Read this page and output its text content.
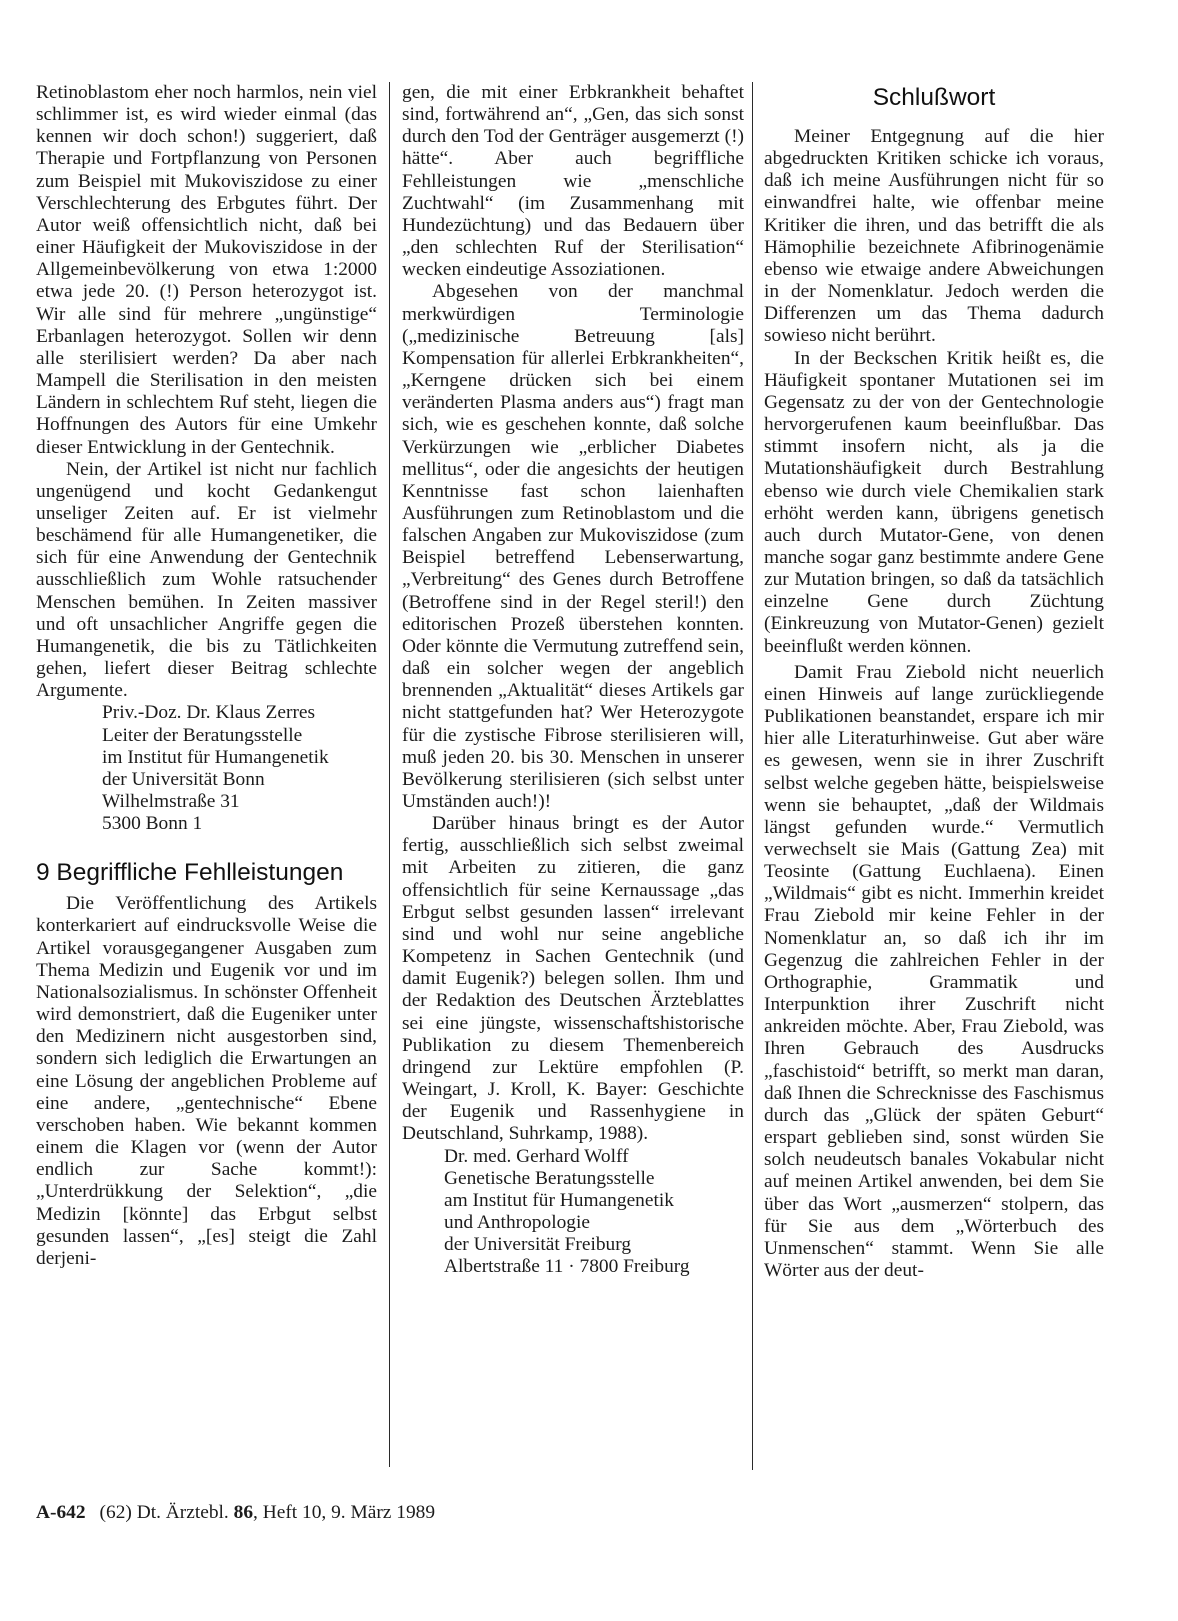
Retinoblastom eher noch harmlos, nein viel schlimmer ist, es wird wieder einmal (das kennen wir doch schon!) suggeriert, daß Therapie und Fortpflanzung von Personen zum Beispiel mit Mukoviszidose zu einer Verschlechterung des Erbgutes führt. Der Autor weiß offensichtlich nicht, daß bei einer Häufigkeit der Mukoviszidose in der Allgemeinbevölkerung von etwa 1:2000 etwa jede 20. (!) Person heterozygot ist. Wir alle sind für mehrere „ungünstige“ Erbanlagen heterozygot. Sollen wir denn alle sterilisiert werden? Da aber nach Mampell die Sterilisation in den meisten Ländern in schlechtem Ruf steht, liegen die Hoffnungen des Autors für eine Umkehr dieser Entwicklung in der Gentechnik.

Nein, der Artikel ist nicht nur fachlich ungenügend und kocht Gedankengut unseliger Zeiten auf. Er ist vielmehr beschämend für alle Humangenetiker, die sich für eine Anwendung der Gentechnik ausschließlich zum Wohle ratsuchender Menschen bemühen. In Zeiten massiver und oft unsachlicher Angriffe gegen die Humangenetik, die bis zu Tätlichkeiten gehen, liefert dieser Beitrag schlechte Argumente.

Priv.-Doz. Dr. Klaus Zerres
Leiter der Beratungsstelle
im Institut für Humangenetik
der Universität Bonn
Wilhelmstraße 31
5300 Bonn 1
9 Begriffliche Fehlleistungen

Die Veröffentlichung des Artikels konterkariert auf eindrucksvolle Weise die Artikel vorausgegangener Ausgaben zum Thema Medizin und Eugenik vor und im Nationalsozialismus. In schönster Offenheit wird demonstriert, daß die Eugeniker unter den Medizinern nicht ausgestorben sind, sondern sich lediglich die Erwartungen an eine Lösung der angeblichen Probleme auf eine andere, „gentechnische“ Ebene verschoben haben. Wie bekannt kommen einem die Klagen vor (wenn der Autor endlich zur Sache kommt!): „Unterdrükkung der Selektion“, „die Medizin [könnte] das Erbgut selbst gesunden lassen“, „[es] steigt die Zahl derjeni-

gen, die mit einer Erbkrankheit behaftet sind, fortwährend an“, „Gen, das sich sonst durch den Tod der Genträger ausgemerzt (!) hätte“. Aber auch begriffliche Fehlleistungen wie „menschliche Zuchtwahl“ (im Zusammenhang mit Hundezüchtung) und das Bedauern über „den schlechten Ruf der Sterilisation“ wecken eindeutige Assoziationen.

Abgesehen von der manchmal merkwürdigen Terminologie („medizinische Betreuung [als] Kompensation für allerlei Erbkrankheiten“, „Kerngene drücken sich bei einem veränderten Plasma anders aus“) fragt man sich, wie es geschehen konnte, daß solche Verkürzungen wie „erblicher Diabetes mellitus“, oder die angesichts der heutigen Kenntnisse fast schon laienhaften Ausführungen zum Retinoblastom und die falschen Angaben zur Mukoviszidose (zum Beispiel betreffend Lebenserwartung, „Verbreitung“ des Genes durch Betroffene (Betroffene sind in der Regel steril!) den editorischen Prozeß überstehen konnten. Oder könnte die Vermutung zutreffend sein, daß ein solcher wegen der angeblich brennenden „Aktualität“ dieses Artikels gar nicht stattgefunden hat? Wer Heterozygote für die zystische Fibrose sterilisieren will, muß jeden 20. bis 30. Menschen in unserer Bevölkerung sterilisieren (sich selbst unter Umständen auch!)!

Darüber hinaus bringt es der Autor fertig, ausschließlich sich selbst zweimal mit Arbeiten zu zitieren, die ganz offensichtlich für seine Kernaussage „das Erbgut selbst gesunden lassen“ irrelevant sind und wohl nur seine angebliche Kompetenz in Sachen Gentechnik (und damit Eugenik?) belegen sollen. Ihm und der Redaktion des Deutschen Ärzteblattes sei eine jüngste, wissenschaftshistorische Publikation zu diesem Themenbereich dringend zur Lektüre empfohlen (P. Weingart, J. Kroll, K. Bayer: Geschichte der Eugenik und Rassenhygiene in Deutschland, Suhrkamp, 1988).

Dr. med. Gerhard Wolff
Genetische Beratungsstelle
am Institut für Humangenetik
und Anthropologie
der Universität Freiburg
Albertstraße 11 · 7800 Freiburg
Schlußwort

Meiner Entgegnung auf die hier abgedruckten Kritiken schicke ich voraus, daß ich meine Ausführungen nicht für so einwandfrei halte, wie offenbar meine Kritiker die ihren, und das betrifft die als Hämophilie bezeichnete Afibrinogenämie ebenso wie etwaige andere Abweichungen in der Nomenklatur. Jedoch werden die Differenzen um das Thema dadurch sowieso nicht berührt.

In der Beckschen Kritik heißt es, die Häufigkeit spontaner Mutationen sei im Gegensatz zu der von der Gentechnologie hervorgerufenen kaum beeinflußbar. Das stimmt insofern nicht, als ja die Mutationshäufigkeit durch Bestrahlung ebenso wie durch viele Chemikalien stark erhöht werden kann, übrigens genetisch auch durch Mutator-Gene, von denen manche sogar ganz bestimmte andere Gene zur Mutation bringen, so daß da tatsächlich einzelne Gene durch Züchtung (Einkreuzung von Mutator-Genen) gezielt beeinflußt werden können.

Damit Frau Ziebold nicht neuerlich einen Hinweis auf lange zurückliegende Publikationen beanstandet, erspare ich mir hier alle Literaturhinweise. Gut aber wäre es gewesen, wenn sie in ihrer Zuschrift selbst welche gegeben hätte, beispielsweise wenn sie behauptet, „daß der Wildmais längst gefunden wurde.“ Vermutlich verwechselt sie Mais (Gattung Zea) mit Teosinte (Gattung Euchlaena). Einen „Wildmais“ gibt es nicht. Immerhin kreidet Frau Ziebold mir keine Fehler in der Nomenklatur an, so daß ich ihr im Gegenzug die zahlreichen Fehler in der Orthographie, Grammatik und Interpunktion ihrer Zuschrift nicht ankreiden möchte. Aber, Frau Ziebold, was Ihren Gebrauch des Ausdrucks „faschistoid“ betrifft, so merkt man daran, daß Ihnen die Schrecknisse des Faschismus durch das „Glück der späten Geburt“ erspart geblieben sind, sonst würden Sie solch neudeutsch banales Vokabular nicht auf meinen Artikel anwenden, bei dem Sie über das Wort „ausmerzen“ stolpern, das für Sie aus dem „Wörterbuch des Unmenschen“ stammt. Wenn Sie alle Wörter aus der deut-

A-642 (62) Dt. Ärztebl. 86, Heft 10, 9. März 1989
